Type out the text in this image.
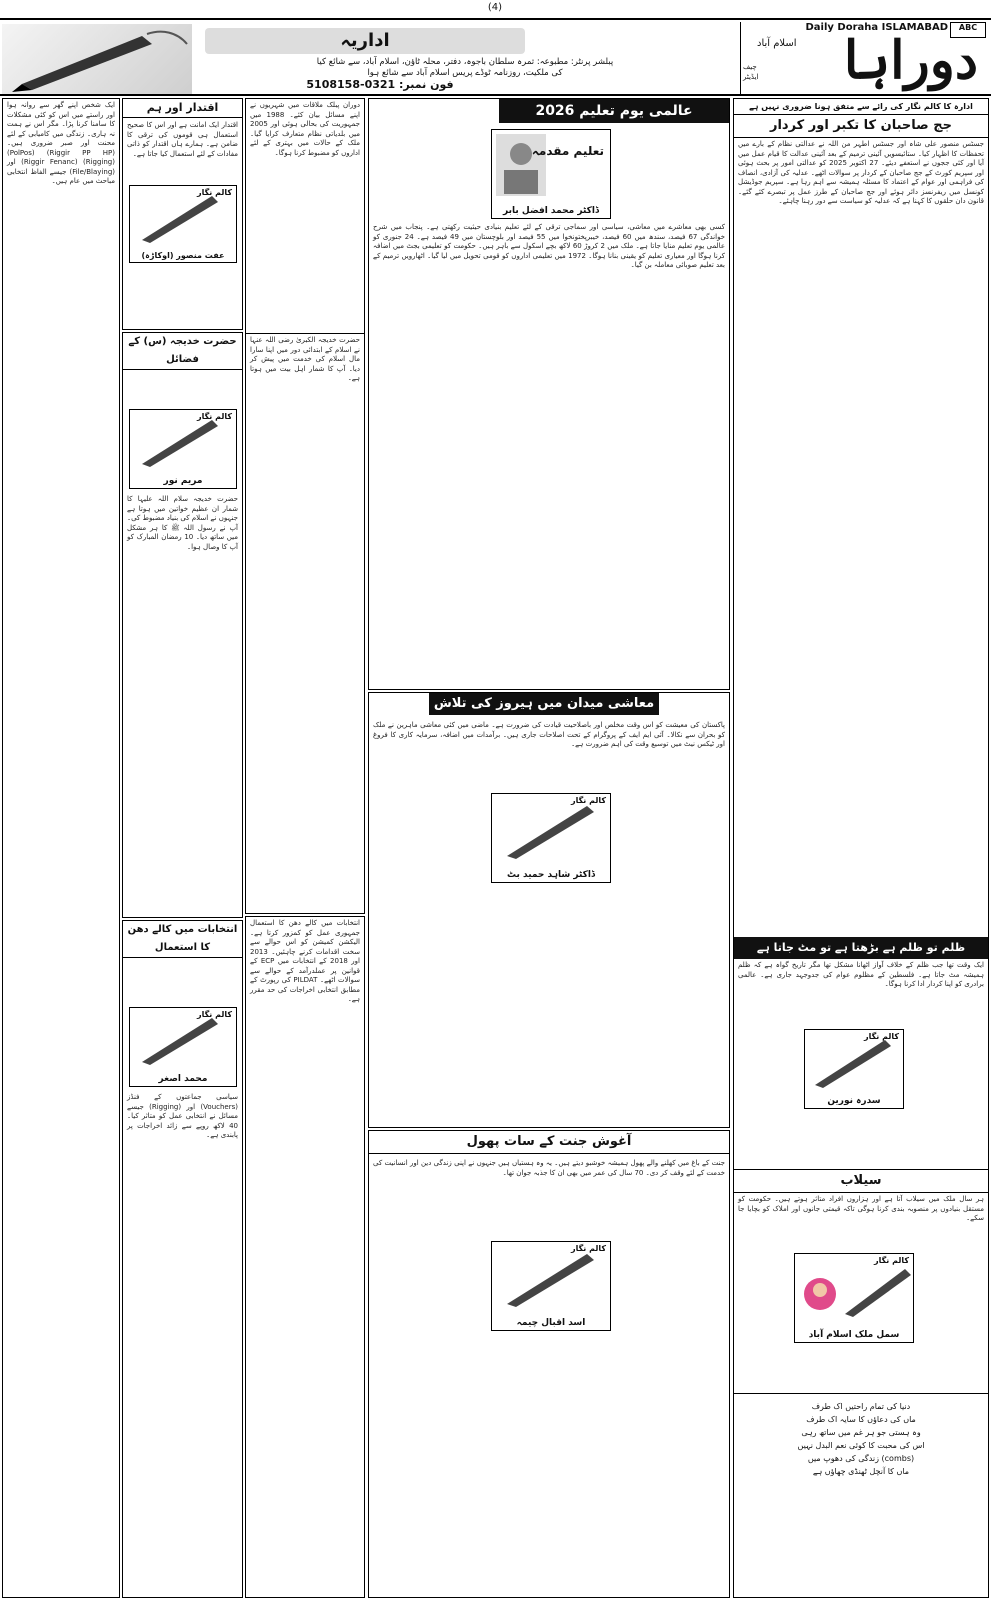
(4)
اداریہ
پبلشر پرنٹر: مطبوعہ: ثمرہ سلطان باجوہ، دفتر، محلہ ٹاؤن، اسلام آباد، سے شائع کیا
کی ملکیت، روزنامہ ٹوڈے پریس اسلام آباد سے شائع ہوا
فون نمبر: 0321-5108158
Daily Doraha ISLAMABAD	ABC
دوراہا
اسلام آباد
چیف ایڈیٹر
ادارہ کا کالم نگار کی رائے سے متفق ہونا ضروری نہیں ہے
جج صاحبان کا تکبر اور کردار
جسٹس منصور علی شاہ اور جسٹس اطہر من اللہ نے عدالتی نظام کے بارے میں تحفظات کا اظہار کیا۔ ستائیسویں آئینی ترمیم کے بعد آئینی عدالت کا قیام عمل میں آیا اور کئی ججوں نے استعفے دیئے۔ 27 اکتوبر 2025 کو عدالتی امور پر بحث ہوئی اور سپریم کورٹ کے جج صاحبان کے کردار پر سوالات اٹھے۔ عدلیہ کی آزادی، انصاف کی فراہمی اور عوام کے اعتماد کا مسئلہ ہمیشہ سے اہم رہا ہے۔ سپریم جوڈیشل کونسل میں ریفرنسز دائر ہوئے اور جج صاحبان کے طرز عمل پر تبصرے کئے گئے۔ قانون دان حلقوں کا کہنا ہے کہ عدلیہ کو سیاست سے دور رہنا چاہئے۔
ظلم تو ظلم ہے بڑھتا ہے تو مٹ جاتا ہے
ایک وقت تھا جب ظلم کے خلاف آواز اٹھانا مشکل تھا مگر تاریخ گواہ ہے کہ ظلم ہمیشہ مٹ جاتا ہے۔ فلسطین کے مظلوم عوام کی جدوجہد جاری ہے۔ عالمی برادری کو اپنا کردار ادا کرنا ہوگا۔
کالم نگار
سدرہ نورین
سیلاب
ہر سال ملک میں سیلاب آتا ہے اور ہزاروں افراد متاثر ہوتے ہیں۔ حکومت کو مستقل بنیادوں پر منصوبہ بندی کرنا ہوگی تاکہ قیمتی جانوں اور املاک کو بچایا جا سکے۔
کالم نگار
سمل ملک اسلام آباد
دنیا کی تمام راحتیں اک طرف
ماں کی دعاؤں کا سایہ اک طرف
وہ ہستی جو ہر غم میں ساتھ رہی
اس کی محبت کا کوئی نعم البدل نہیں
(combs) زندگی کی دھوپ میں
ماں کا آنچل ٹھنڈی چھاؤں ہے
عالمی یوم تعلیم 2026
تعلیم مقدمہ
ڈاکٹر محمد افضل بابر
کسی بھی معاشرے میں معاشی، سیاسی اور سماجی ترقی کے لئے تعلیم بنیادی حیثیت رکھتی ہے۔ پنجاب میں شرح خواندگی 67 فیصد، سندھ میں 60 فیصد، خیبرپختونخوا میں 55 فیصد اور بلوچستان میں 49 فیصد ہے۔ 24 جنوری کو عالمی یوم تعلیم منایا جاتا ہے۔ ملک میں 2 کروڑ 60 لاکھ بچے اسکول سے باہر ہیں۔ حکومت کو تعلیمی بجٹ میں اضافہ کرنا ہوگا اور معیاری تعلیم کو یقینی بنانا ہوگا۔ 1972 میں تعلیمی اداروں کو قومی تحویل میں لیا گیا۔ اٹھارویں ترمیم کے بعد تعلیم صوبائی معاملہ بن گیا۔
معاشی میدان میں ہیروز کی تلاش
کالم نگار
ڈاکٹر شاہد حمید بٹ
پاکستان کی معیشت کو اس وقت مخلص اور باصلاحیت قیادت کی ضرورت ہے۔ ماضی میں کئی معاشی ماہرین نے ملک کو بحران سے نکالا۔ آئی ایم ایف کے پروگرام کے تحت اصلاحات جاری ہیں۔ برآمدات میں اضافہ، سرمایہ کاری کا فروغ اور ٹیکس نیٹ میں توسیع وقت کی اہم ضرورت ہے۔
آغوش جنت کے سات پھول
کالم نگار
اسد اقبال چیمہ
جنت کے باغ میں کھلنے والے پھول ہمیشہ خوشبو دیتے ہیں۔ یہ وہ ہستیاں ہیں جنہوں نے اپنی زندگی دین اور انسانیت کی خدمت کے لئے وقف کر دی۔ 70 سال کی عمر میں بھی ان کا جذبہ جوان تھا۔
دوران پبلک ملاقات میں شہریوں نے اپنے مسائل بیان کئے۔ 1988 میں جمہوریت کی بحالی ہوئی اور 2005 میں بلدیاتی نظام متعارف کرایا گیا۔ ملک کے حالات میں بہتری کے لئے اداروں کو مضبوط کرنا ہوگا۔
حضرت خدیجہ الکبریٰ رضی اللہ عنہا نے اسلام کے ابتدائی دور میں اپنا سارا مال اسلام کی خدمت میں پیش کر دیا۔ آپ کا شمار اہل بیت میں ہوتا ہے۔
انتخابات میں کالے دھن کا استعمال جمہوری عمل کو کمزور کرتا ہے۔ الیکشن کمیشن کو اس حوالے سے سخت اقدامات کرنے چاہئیں۔ 2013 اور 2018 کے انتخابات میں ECP کے قوانین پر عملدرآمد کے حوالے سے سوالات اٹھے۔ PILDAT کی رپورٹ کے مطابق انتخابی اخراجات کی حد مقرر ہے۔
اقتدار اور ہم
کالم نگار
عفت منصور (اوکاڑہ)
اقتدار ایک امانت ہے اور اس کا صحیح استعمال ہی قوموں کی ترقی کا ضامن ہے۔ ہمارے ہاں اقتدار کو ذاتی مفادات کے لئے استعمال کیا جاتا ہے۔
حضرت خدیجہ (س) کے فضائل
کالم نگار
مریم نور
حضرت خدیجہ سلام اللہ علیہا کا شمار ان عظیم خواتین میں ہوتا ہے جنہوں نے اسلام کی بنیاد مضبوط کی۔ آپ نے رسول اللہ ﷺ کا ہر مشکل میں ساتھ دیا۔ 10 رمضان المبارک کو آپ کا وصال ہوا۔
انتخابات میں کالے دھن کا استعمال
کالم نگار
محمد اصغر
سیاسی جماعتوں کے فنڈز (Vouchers) اور (Rigging) جیسے مسائل نے انتخابی عمل کو متاثر کیا۔ 40 لاکھ روپے سے زائد اخراجات پر پابندی ہے۔
ایک شخص اپنے گھر سے روانہ ہوا اور راستے میں اس کو کئی مشکلات کا سامنا کرنا پڑا۔ مگر اس نے ہمت نہ ہاری۔ زندگی میں کامیابی کے لئے محنت اور صبر ضروری ہیں۔ (Riggir PP HP) (PolPos) (Rigging) (Riggir Fenanc) اور (File/Blaying) جیسے الفاظ انتخابی مباحث میں عام ہیں۔
